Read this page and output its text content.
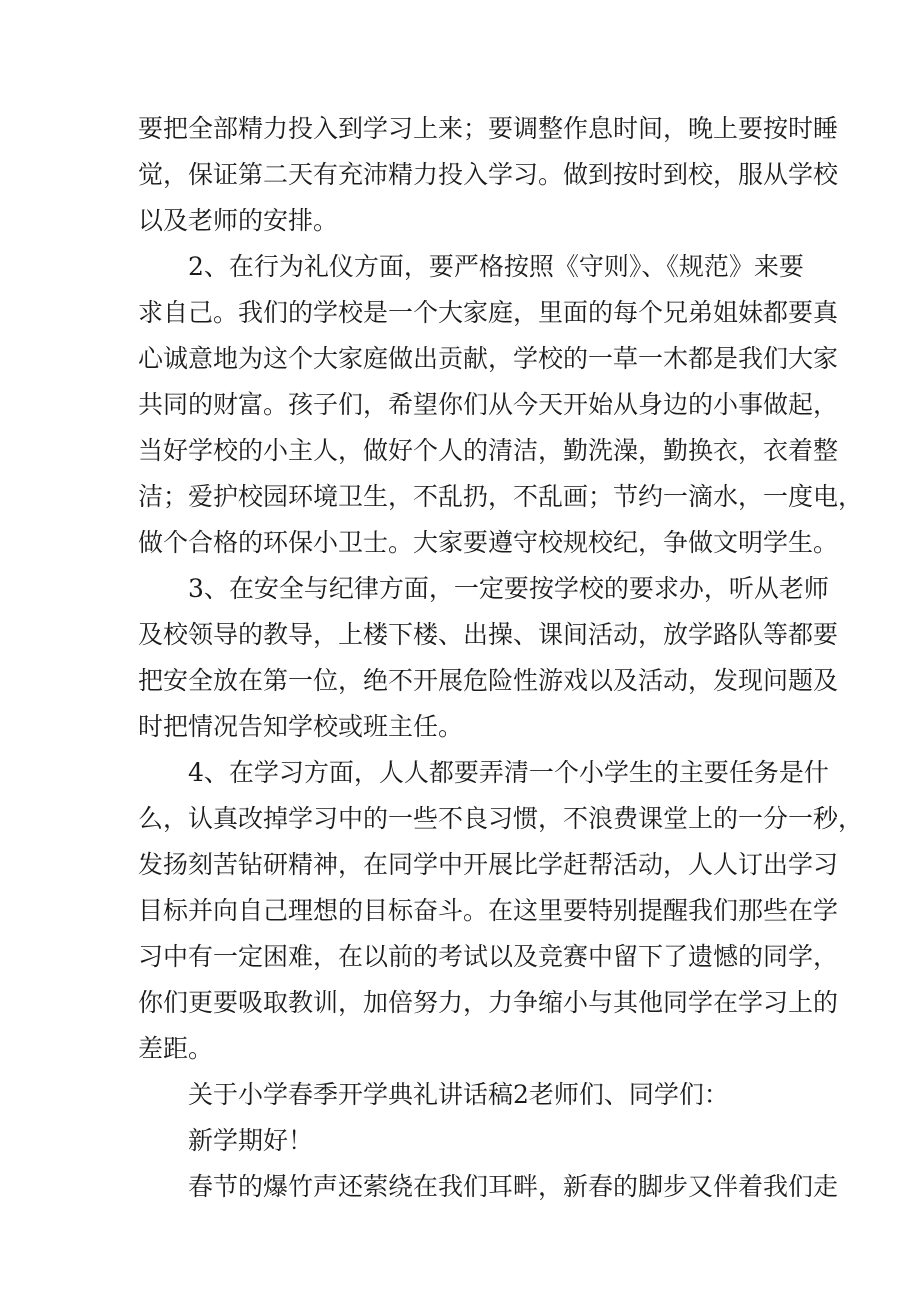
要把全部精力投入到学习上来；要调整作息时间，晚上要按时睡
觉，保证第二天有充沛精力投入学习。做到按时到校，服从学校
以及老师的安排。
2、在行为礼仪方面，要严格按照《守则》、《规范》来要
求自己。我们的学校是一个大家庭，里面的每个兄弟姐妹都要真
心诚意地为这个大家庭做出贡献，学校的一草一木都是我们大家
共同的财富。孩子们，希望你们从今天开始从身边的小事做起，
当好学校的小主人，做好个人的清洁，勤洗澡，勤换衣，衣着整
洁；爱护校园环境卫生，不乱扔，不乱画；节约一滴水，一度电，
做个合格的环保小卫士。大家要遵守校规校纪，争做文明学生。
3、在安全与纪律方面，一定要按学校的要求办，听从老师
及校领导的教导，上楼下楼、出操、课间活动，放学路队等都要
把安全放在第一位，绝不开展危险性游戏以及活动，发现问题及
时把情况告知学校或班主任。
4、在学习方面，人人都要弄清一个小学生的主要任务是什
么，认真改掉学习中的一些不良习惯，不浪费课堂上的一分一秒，
发扬刻苦钻研精神，在同学中开展比学赶帮活动，人人订出学习
目标并向自己理想的目标奋斗。在这里要特别提醒我们那些在学
习中有一定困难，在以前的考试以及竞赛中留下了遗憾的同学，
你们更要吸取教训，加倍努力，力争缩小与其他同学在学习上的
差距。
关于小学春季开学典礼讲话稿2老师们、同学们：
新学期好！
春节的爆竹声还萦绕在我们耳畔，新春的脚步又伴着我们走
